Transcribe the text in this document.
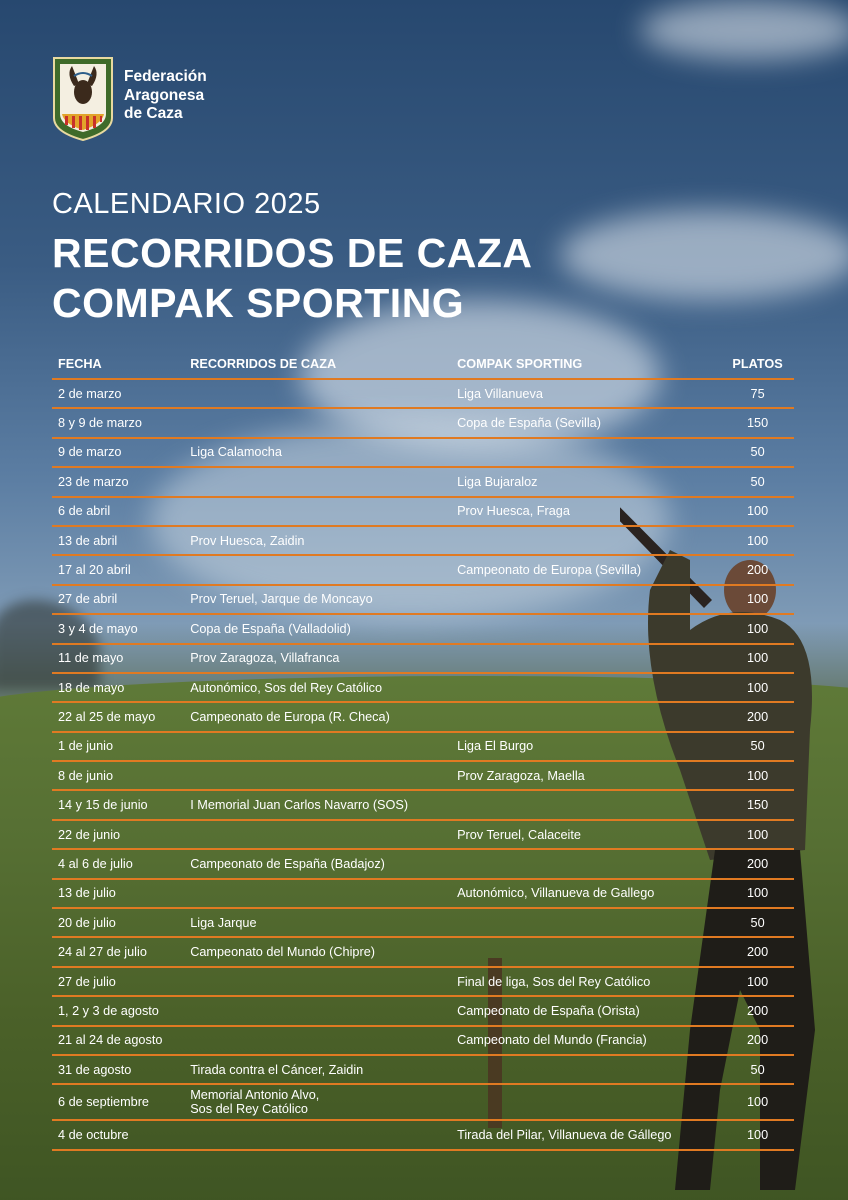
Federación
Aragonesa
de Caza
CALENDARIO 2025
RECORRIDOS DE CAZA
COMPAK SPORTING
FECHA	RECORRIDOS DE CAZA	COMPAK SPORTING	PLATOS
2 de marzo		Liga Villanueva	75
8 y 9 de marzo		Copa de España (Sevilla)	150
9 de marzo	Liga Calamocha		50
23 de marzo		Liga Bujaraloz	50
6 de abril		Prov Huesca, Fraga	100
13 de abril	Prov Huesca, Zaidin		100
17 al 20 abril		Campeonato de Europa (Sevilla)	200
27 de abril	Prov Teruel, Jarque de Moncayo		100
3 y 4 de mayo	Copa de España (Valladolid)		100
11 de mayo	Prov Zaragoza, Villafranca		100
18 de mayo	Autonómico, Sos del Rey Católico		100
22 al 25 de mayo	Campeonato de Europa (R. Checa)		200
1 de junio		Liga El Burgo	50
8 de junio		Prov Zaragoza, Maella	100
14 y 15 de junio	I Memorial Juan Carlos Navarro (SOS)		150
22 de junio		Prov Teruel, Calaceite	100
4 al 6 de julio	Campeonato de España (Badajoz)		200
13 de julio		Autonómico, Villanueva de Gallego	100
20 de julio	Liga Jarque		50
24 al 27 de julio	Campeonato del Mundo (Chipre)		200
27 de julio		Final de liga, Sos del Rey Católico	100
1, 2 y 3 de agosto		Campeonato de España (Orista)	200
21 al 24 de agosto		Campeonato del Mundo (Francia)	200
31 de agosto	Tirada contra el Cáncer, Zaidin		50
6 de septiembre	Memorial Antonio Alvo,
Sos del Rey Católico		100
4 de octubre		Tirada del Pilar, Villanueva de Gállego	100
